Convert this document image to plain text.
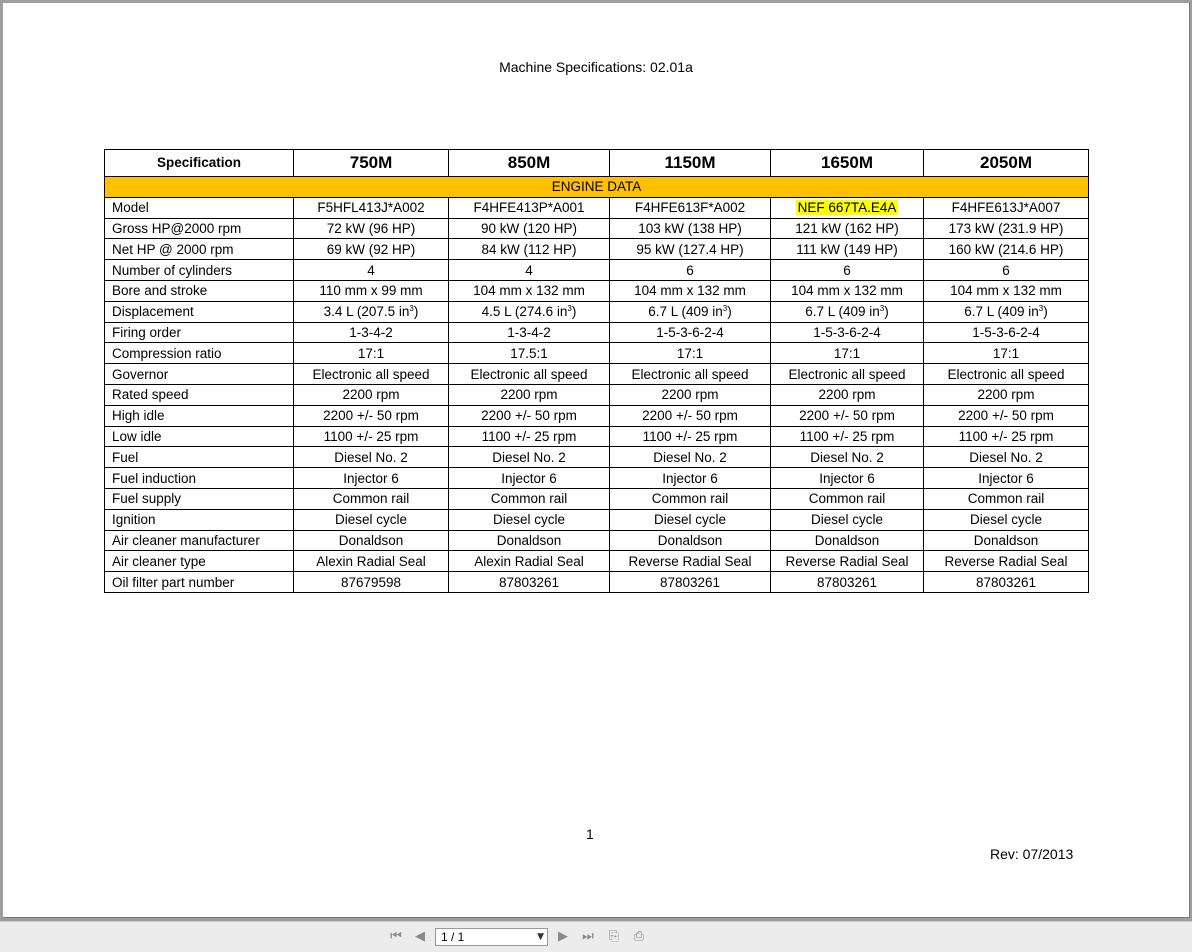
Machine Specifications: 02.01a
Specification	750M	850M	1150M	1650M	2050M
ENGINE DATA					
Model	F5HFL413J*A002	F4HFE413P*A001	F4HFE613F*A002	NEF 667TA.E4A	F4HFE613J*A007
Gross HP@2000 rpm	72 kW (96 HP)	90 kW (120 HP)	103 kW (138 HP)	121 kW (162 HP)	173 kW (231.9 HP)
Net HP @ 2000 rpm	69 kW (92 HP)	84 kW (112 HP)	95 kW (127.4 HP)	111 kW (149 HP)	160 kW (214.6 HP)
Number of cylinders	4	4	6	6	6
Bore and stroke	110 mm x 99 mm	104 mm x 132 mm	104 mm x 132 mm	104 mm x 132 mm	104 mm x 132 mm
Displacement	3.4 L (207.5 $in^3$)	4.5 L (274.6 $in^3$)	6.7 L (409 $in^3$)	6.7 L (409 $in^3$)	6.7 L (409 $in^3$)
Firing order	1-3-4-2	1-3-4-2	1-5-3-6-2-4	1-5-3-6-2-4	1-5-3-6-2-4
Compression ratio	17:1	17.5:1	17:1	17:1	17:1
Governor	Electronic all speed	Electronic all speed	Electronic all speed	Electronic all speed	Electronic all speed
Rated speed	2200 rpm	2200 rpm	2200 rpm	2200 rpm	2200 rpm
High idle	2200 +/- 50 rpm	2200 +/- 50 rpm	2200 +/- 50 rpm	2200 +/- 50 rpm	2200 +/- 50 rpm
Low idle	1100 +/- 25 rpm	1100 +/- 25 rpm	1100 +/- 25 rpm	1100 +/- 25 rpm	1100 +/- 25 rpm
Fuel	Diesel No. 2	Diesel No. 2	Diesel No. 2	Diesel No. 2	Diesel No. 2
Fuel induction	Injector 6	Injector 6	Injector 6	Injector 6	Injector 6
Fuel supply	Common rail	Common rail	Common rail	Common rail	Common rail
Ignition	Diesel cycle	Diesel cycle	Diesel cycle	Diesel cycle	Diesel cycle
Air cleaner manufacturer	Donaldson	Donaldson	Donaldson	Donaldson	Donaldson
Air cleaner type	Alexin Radial Seal	Alexin Radial Seal	Reverse Radial Seal	Reverse Radial Seal	Reverse Radial Seal
Oil filter part number	87679598	87803261	87803261	87803261	87803261
1
Rev: 07/2013
⏮ ◀	1 / 1	▼ ▶ ⏭ ⎘ ⎙
